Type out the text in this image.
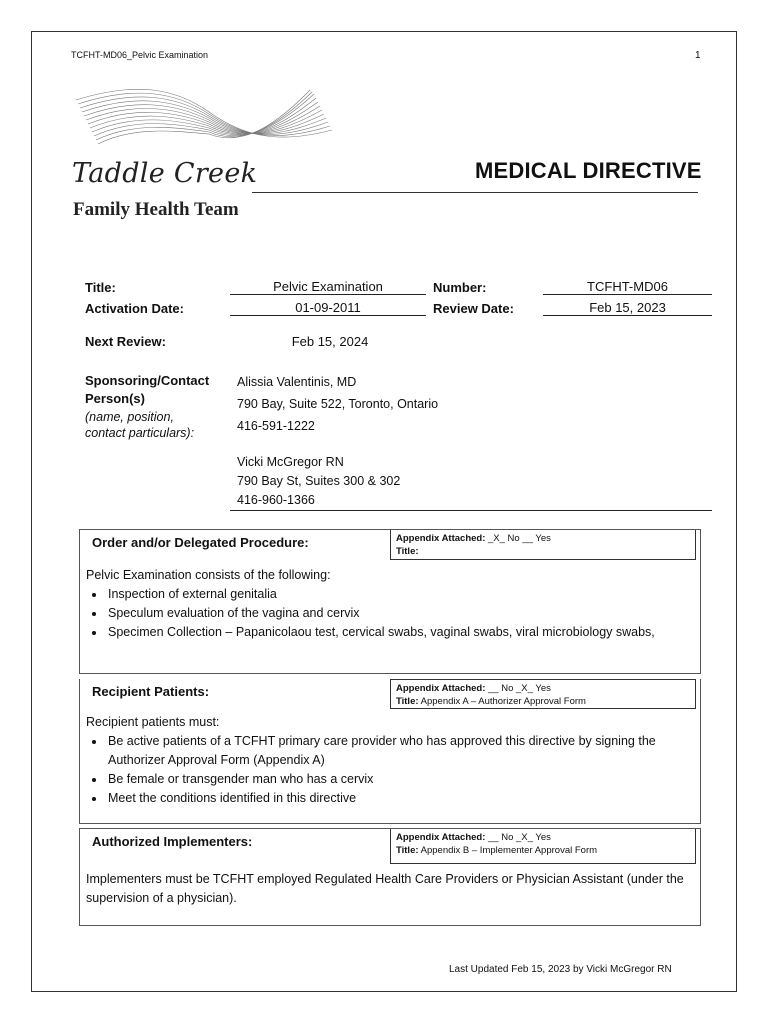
TCFHT-MD06_Pelvic Examination	1
Taddle Creek
Family Health Team
MEDICAL DIRECTIVE
Title:	Pelvic Examination	Number:	TCFHT-MD06
Activation Date:	01-09-2011	Review Date:	Feb 15, 2023
Next Review:	Feb 15, 2024
Sponsoring/Contact
Person(s)
(name, position,
contact particulars):
Alissia Valentinis, MD
790 Bay, Suite 522, Toronto, Ontario
416-591-1222
Vicki McGregor RN
790 Bay St, Suites 300 & 302
416-960-1366
Order and/or Delegated Procedure:	Appendix Attached: _X_ No __ Yes
Title:
Pelvic Examination consists of the following:
• Inspection of external genitalia
• Speculum evaluation of the vagina and cervix
• Specimen Collection – Papanicolaou test, cervical swabs, vaginal swabs, viral microbiology swabs,
Recipient Patients:	Appendix Attached: __ No _X_ Yes
Title: Appendix A – Authorizer Approval Form
Recipient patients must:
• Be active patients of a TCFHT primary care provider who has approved this directive by signing the Authorizer Approval Form (Appendix A)
• Be female or transgender man who has a cervix
• Meet the conditions identified in this directive
Authorized Implementers:	Appendix Attached: __ No _X_ Yes
Title: Appendix B – Implementer Approval Form
Implementers must be TCFHT employed Regulated Health Care Providers or Physician Assistant (under the supervision of a physician).
Last Updated Feb 15, 2023 by Vicki McGregor RN
